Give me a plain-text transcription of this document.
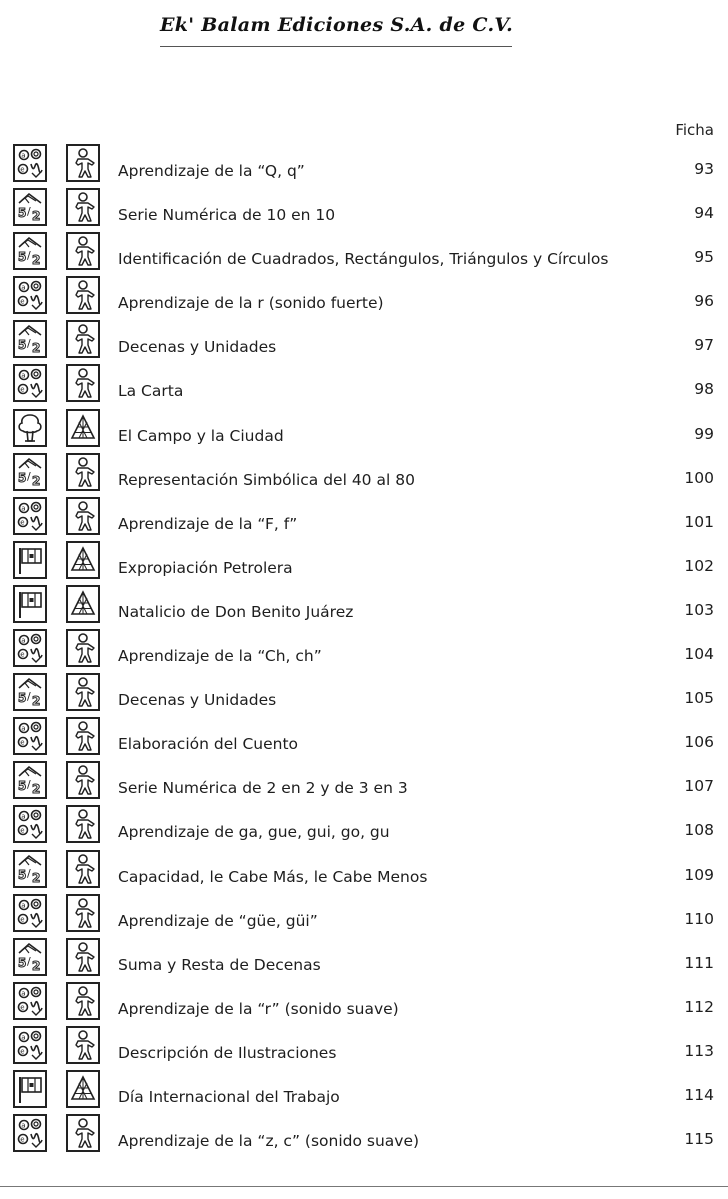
Ek' Balam Ediciones S.A. de C.V.
Ficha
a
e	Aprendizaje de la “Q, q”	93
5 / 2	Serie Numérica de 10 en 10	94
5 / 2	Identificación de Cuadrados, Rectángulos, Triángulos y Círculos	95
a
e	Aprendizaje de la r (sonido fuerte)	96
5 / 2	Decenas y Unidades	97
a
e	La Carta	98
El Campo y la Ciudad	99
5 / 2	Representación Simbólica del 40 al 80	100
a
e	Aprendizaje de la “F, f”	101
Expropiación Petrolera	102
Natalicio de Don Benito Juárez	103
a
e	Aprendizaje de la “Ch, ch”	104
5 / 2	Decenas y Unidades	105
a
e	Elaboración del Cuento	106
5 / 2	Serie Numérica de 2 en 2 y de 3 en 3	107
a
e	Aprendizaje de ga, gue, gui, go, gu	108
5 / 2	Capacidad, le Cabe Más, le Cabe Menos	109
a
e	Aprendizaje de “güe, güi”	110
5 / 2	Suma y Resta de Decenas	111
a
e	Aprendizaje de la “r” (sonido suave)	112
a
e	Descripción de Ilustraciones	113
Día Internacional del Trabajo	114
a
e	Aprendizaje de la “z, c” (sonido suave)	115
